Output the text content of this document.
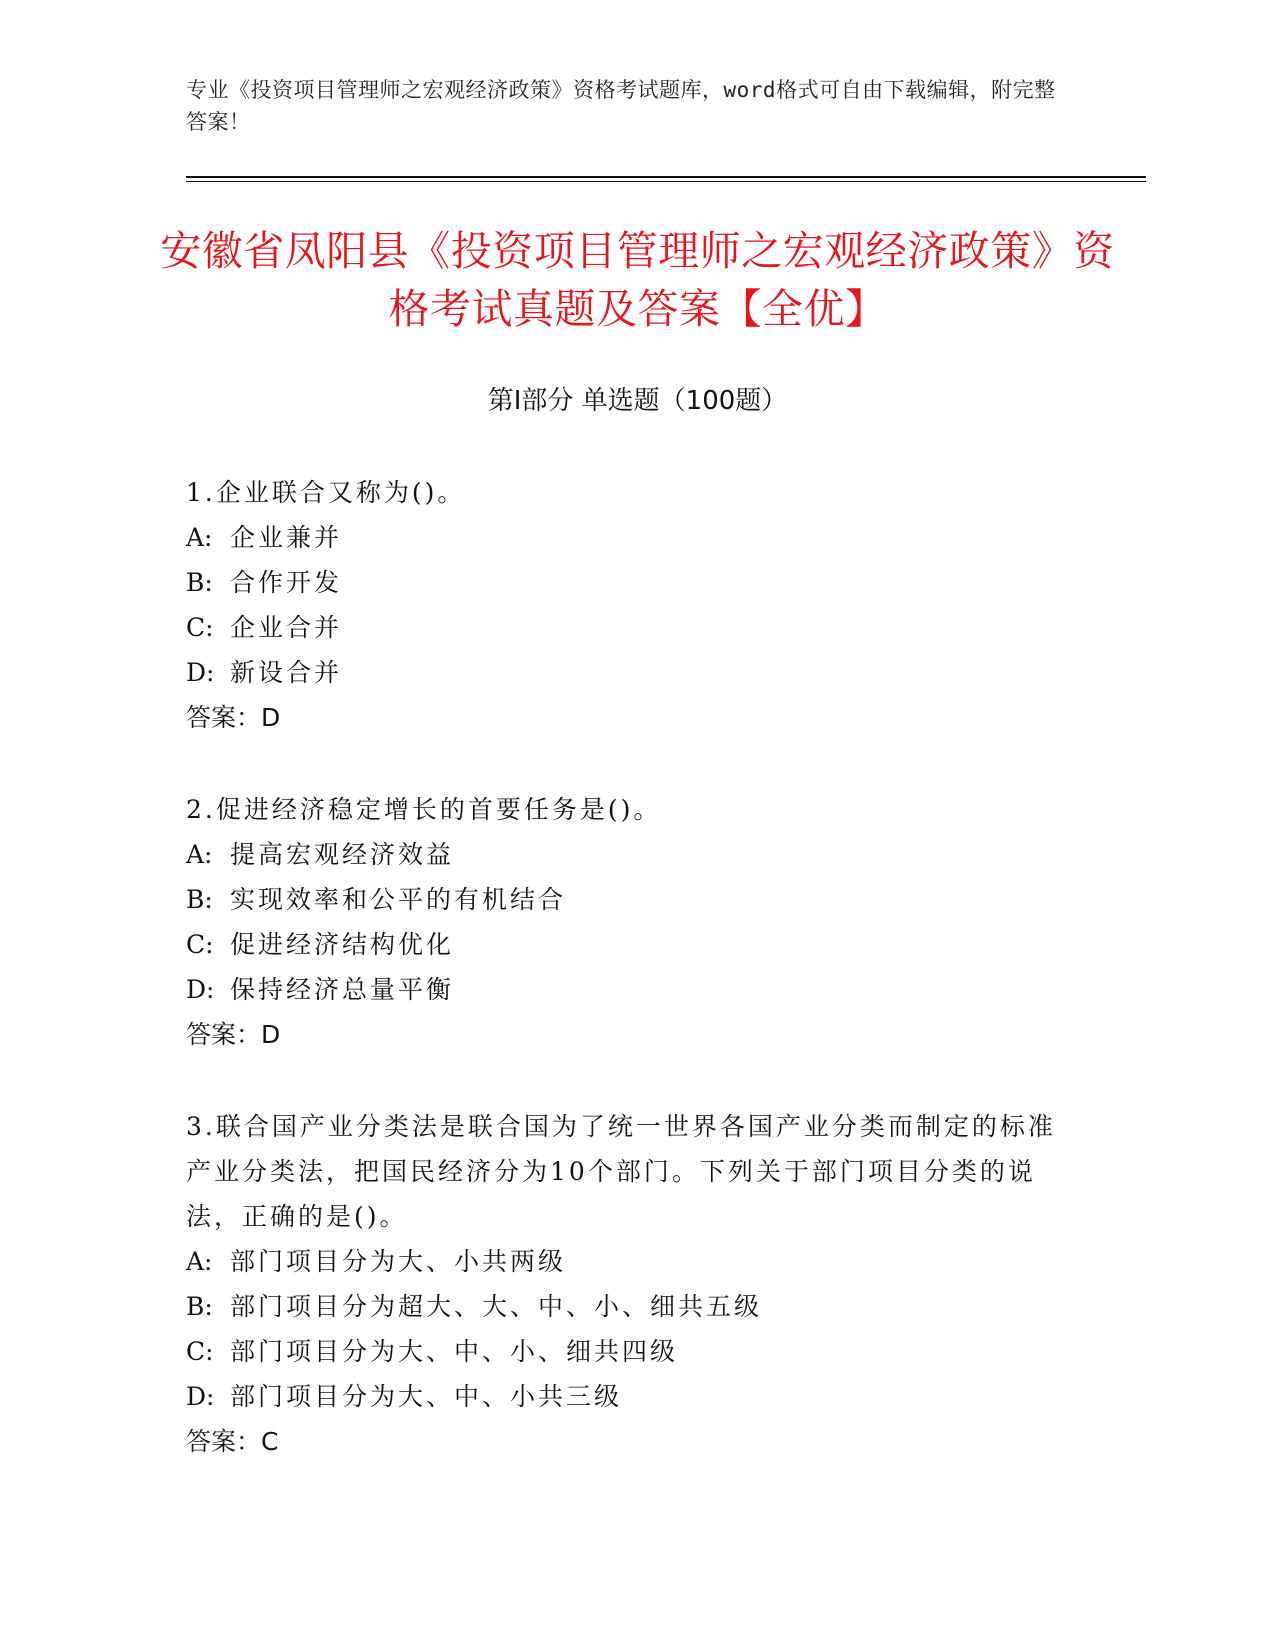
专业《投资项目管理师之宏观经济政策》资格考试题库，word格式可自由下载编辑，附完整答案！
安徽省凤阳县《投资项目管理师之宏观经济政策》资格考试真题及答案【全优】
第I部分 单选题（100题）
1.企业联合又称为()。
A: 企业兼并
B: 合作开发
C: 企业合并
D: 新设合并
答案：D
2.促进经济稳定增长的首要任务是()。
A: 提高宏观经济效益
B: 实现效率和公平的有机结合
C: 促进经济结构优化
D: 保持经济总量平衡
答案：D
3.联合国产业分类法是联合国为了统一世界各国产业分类而制定的标准产业分类法，把国民经济分为10个部门。下列关于部门项目分类的说法，正确的是()。
A: 部门项目分为大、小共两级
B: 部门项目分为超大、大、中、小、细共五级
C: 部门项目分为大、中、小、细共四级
D: 部门项目分为大、中、小共三级
答案：C
